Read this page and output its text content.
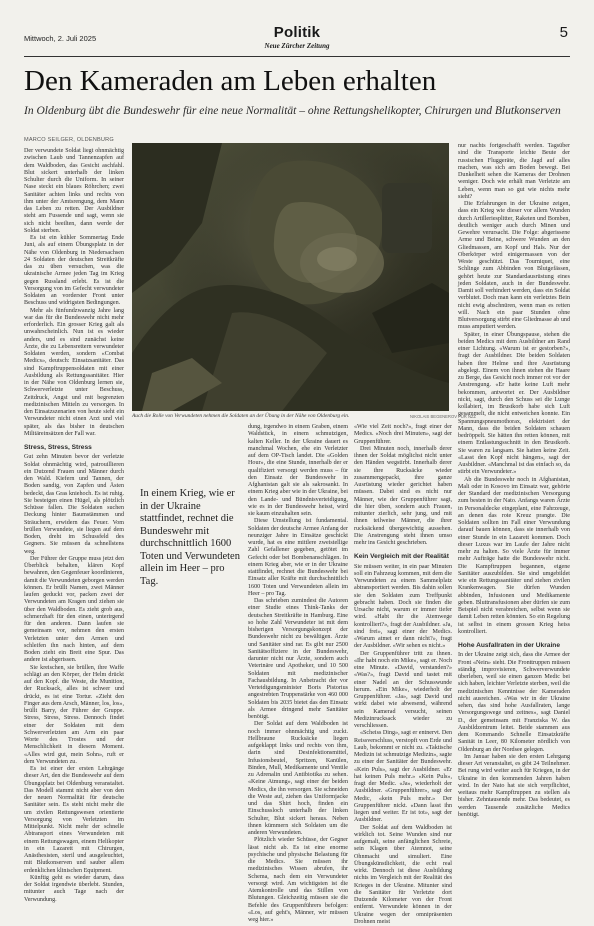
Mittwoch, 2. Juli 2025	Politik
Neue Zürcher Zeitung
5
Den Kameraden am Leben erhalten
In Oldenburg übt die Bundeswehr für eine neue Normalität – ohne Rettungshelikopter, Chirurgen und Blutkonserven
MARCO SEILGER, OLDENBURG

Der verwundete Soldat liegt ohnmächtig zwischen Laub und Tannenzapfen auf dem Waldboden, das Gesicht aschfahl. Blut sickert unterhalb der linken Schulter durch die Uniform. In seiner Nase steckt ein blaues Röhrchen; zwei Sanitäter achten links und rechts von ihm unter der Amtsrengung, dem Mann das Leben zu retten. Der Ausbildner steht am Fussende und sagt, wenn sie sich nicht beeilten, dann werde der Soldat sterben.

Es ist ein kühler Sommertag Ende Juni, als auf einem Übungsplatz in der Nähe von Oldenburg in Niedersachsen 24 Soldaten der deutschen Streitkräfte das zu üben versuchen, was die ukrainische Armee jeden Tag im Krieg gegen Russland erlebt. Es ist die Versorgung von im Gefecht verwundeter Soldaten an vorderster Front unter Beschuss und widrigsten Bedingungen.

Mehr als fünfundzwanzig Jahre lang war das für die Bundeswehr nicht mehr erforderlich. Ein grosser Krieg galt als unwahrscheinlich. Nun ist es wieder anders, und es sind zunächst keine Ärzte, die zu Lebensrettern verwundeter Soldaten werden, sondern «Combat Medics», deutsch: Einsatzsanitäter. Das sind Kampftruppensoldaten mit einer Ausbildung als Rettungssanitäter. Hier in der Nähe von Oldenburg lernen sie, Schwerverletzte unter Beschuss, Zeitdruck, Angst und mit begrenzten medizinischen Mitteln zu versorgen. In den Einsatzszenarien von heute sieht ein Verwundeter nicht einen Arzt und viel später, als das bisher in deutschen Militäreinsätzen der Fall war.

Stress, Stress, Stress

Gut zehn Minuten bevor der verletzte Soldat ohnmächtig wird, patrouillieren ein Dutzend Frauen und Männer durch den Wald. Kiefern und Tannen, der Boden sandig, von Zapfen und Ästen bedeckt, das Gras kniehoch. Es ist ruhig. Sie besteigen einen Hügel, als plötzlich Schüsse fallen. Die Soldaten suchen Deckung hinter Baumstämmen und Sträuchern, erwidern das Feuer. Vom brüllen Verwundete, sie liegen auf dem Boden, dreht im Schussfeld des Gegners. Sie müssen da schnellstens weg.

Der Führer der Gruppe muss jetzt den Überblick behalten, klären Kopf bewahren, den Gegenfeuer koordinieren, damit die Verwundeten geborgen werden können. Er brüllt Namen, zwei Männer laufen geduckt vor, packen zwei der Verwundeten am Kragen und ziehen sie über den Waldboden. Es zieht grob aus, schmerzhaft für den einen, unterirgend für den anderen. Dann laufen sie gemeinsam vor, nehmen den ersten Verletzten unter den Armen und schleifen ihn nach hinten, auf dem Boden zieht ein Breit eine Spur. Das andere ist abgerissen.

Sie kreischen, sie brüllen, ihre Waffe schlägt an den Körper, der Helm drückt auf den Kopf. die Weste, die Munition, der Rucksack, alles ist schwer und drückt, es ist eine Tortur. «Zieht den Finger aus dem Arsch, Männer, los, los», brüllt Barry, der Führer der Gruppe. Stress, Stress, Stress. Dennoch findet einer der Soldaten mit dem Schwerverletzten am Arm ein paar Worte des Trostes und der Menschlichkeit in diesem Moment. «Alles wird gut, mein Sohn», ruft er dem Verwundeten zu.

Es ist einer der ersten Lehrgänge dieser Art, den die Bundeswehr auf dem Übungsplatz bei Oldenburg veranstaltet. Das Modell stammt nicht aber von den der neuen Normalität für deutsche Sanitäter sein. Es steht nicht mehr die um zivilen Rettungswesen orientierte Versorgung von Verletzten im Mittelpunkt. Nicht mehr der schnelle Abtransport eines Verwundeten mit einem Rettungswagen, einem Helikopter in ein Lazarett mit Chirurgen, Anästhesisten, steril und ausgeleuchtet, mit Blutkonserven und sauber allem erdenklichen klinischen Equipment.

Künftig geht es wieder darum, dass der Soldat irgendwie überlebt. Stunden, mitunter auch Tage nach der Verwundung.

Auch die Rolle von Verwundeten nehmen die Soldaten an der Übung in der Nähe von Oldenburg ein.	NIKOLAIS BEGENEROV FUR NZZ
In einem Krieg, wie er in der Ukraine stattfindet, rechnet die Bundeswehr mit durchschnittlich 1600 Toten und Verwundeten allein im Heer – pro Tag.

dung, irgendwo in einem Graben, einem Waldstück, in einem schmutzigen, kalten Keller. In der Ukraine dauert es manchmal Wochen, ehe ein Verletzter auf dem OP-Tisch landet. Die «Golden Hour», die eine Stunde, innerhalb der er qualifiziert versorgt werden muss – für den Einsatz der Bundeswehr in Afghanistan galt sie als sakrosankt. In einem Krieg aber wie in der Ukraine, bei den Lande- und Bündnisverteidigung, wie es in der Bundeswehr heisst, wird sie kaum einzuhalten sein.

Diese Umstellung ist fundamental. Soldaten der deutsche Armee Anfang der neunziger Jahre in Einsätze geschickt wurde, hat es eine mittlere zweistellige Zahl Gefallener gegeben, getötet im Gefecht oder bei Bombenanschlägen. In einem Krieg aber, wie er in der Ukraine stattfindet, rechnet die Bundeswehr bei Einsatz aller Kräfte mit durchschnittlich 1600 Toten und Verwundeten allein im Heer – pro Tag.

Das schrieben zumindest die Autoren einer Studie eines Think-Tanks der deutschen Streitkräfte in Hamburg. Eine so hohe Zahl Verwundeter ist mit dem bisherigen Versorgungskonzept der Bundeswehr nicht zu bewältigen. Ärzte und Sanitäter sind rar. Es gibt nur 2500 Sanitätsoffiziere in der Bundeswehr, darunter nicht nur Ärzte, sondern auch Veterinäre und Apotheker, und 10 500 Soldaten mit medizinischer Fachausbildung. In Anbetracht der vor Verteidigungsminister Boris Pistorius angestrebten Truppenstärke von 460 000 Soldaten bis 2035 bietet das den Einsatz als Armee dringend mehr Sanitäter benötigt.

Der Soldat auf dem Waldboden ist noch immer ohnmächtig und zuckt. Hellbraune Rucksäcke liegen aufgeklappt links und rechts von ihm, darin sind Desinfektionsmittel, Infusionsbeutel, Spritzen, Kanülen, Binden, Mull, Medikamente und Ventile zu Adrenalin und Antibiotika zu sehen. «Keine Atmung», sagt einer der beiden Medics, die ihn versorgen. Sie schneiden die Weste auf, ziehen das Uniformjacke und das Shirt hoch, finden ein Einschussloch unterhalb der linken Schulter, Blut sickert heraus. Neben ihnen kümmern sich Soldaten um die anderen Verwundeten.

Plötzlich wieder Schüsse, der Gegner lässt nicht ab. Es ist eine enorme psychische und physische Belastung für die Medics. Sie müssen ihr medizinisches Wissen abrufen, ihr Schema, nach dem ein Verwundeter versorgt wird. Am wichtigsten ist die Atemkontrolle und das Stillen von Blutungen. Gleichzeitig müssen sie die Befehle des Gruppenführers befolgen: «Los, auf geht's, Männer, wir müssen weg hier.»

«Wie viel Zeit noch?», fragt einer der Medics. «Noch drei Minuten», sagt der Gruppenführer.

Drei Minuten noch, innerhalb derer ihnen der Soldat möglichst nicht unter den Händen wegstirbt. Innerhalb derer sie ihre Rucksäcke wieder zusammengepackt, ihre ganze Ausrüstung wieder gerichtet haben müssen. Dabei sind es nicht nur Männer, wie der Gruppenführer sagt, die hier üben, sondern auch Frauen, mitunter zierlich, sehr jung, und mit ihnen teilweise Männer, die ihrer rucksäckend übergewichtig aussehen. Die Anstrengung steht ihnen umso mehr ins Gesicht geschrieben.

Kein Vergleich mit der Realität

Sie müssen weiter, in ein paar Minuten soll ein Fahrzeug kommen, mit dem die Verwundeten zu einem Sammelplatz abtransportiert werden. Bis dahin sollen sie den Soldaten zum Treffpunkt gebracht haben. Doch sie finden die Ursache nicht, warum er immer tiefer wird. «Habt ihr die Atemwege kontrolliert?», fragt der Ausbildner. «Ja, sind frei», sagt einer der Medics. «Warum atmet er dann nicht?», fragt der Ausbildner. «Wir sehen es nicht.»

Der Gruppenführer tritt zu ihnen. «Ihr habt noch ein Mike», sagt er. Noch eine Minute. «David, verstanden?» «Was?», fragt David und tastet mit einer Nadel an der Schusswunde herum. «Ein Mike», wiederholt der Gruppenführer. «Ja», sagt David und wirkt dabei wie abwesend, während sein Kamerad versucht, seinen Medizinrucksack wieder zu verschliessen.

«Scheiss Ding», sagt er entnervt. Den Reissverschluss, verstopft von Erde und Laub, bekommt er nicht zu. «Taktische Medizin ist schmutzige Medizin», sagte zu einer der Sanitäter der Bundeswehr. «Kein Puls», sagt der Ausbildner. «Er hat keinen Puls mehr.» «Kein Puls», fragt der Medic. «Ja», wiederholt der Ausbildner. «Gruppenführer», sagt der Medic, «kein Puls mehr.» Der Gruppenführer nickt. «Dann lasst ihn liegen und weiter. Er ist tot», sagt der Ausbildner.

Der Soldat auf dem Waldboden ist wirklich tot. Seine Wunden sind nur aufgemalt, seine anfänglichen Schreie, sein Klagen über Atemnot, seine Ohnmacht und simuliert. Eine Übungskünstlichkeit, die echt real wirkt. Dennoch ist diese Ausbildung nichts im Vergleich mit der Realität des Krieges in der Ukraine. Mitunter sind die Sanitäter für Verletzte dort Dutzende Kilometer von der Front entfernt. Verwundete können in der Ukraine wegen der omnipräsenten Drohnen meist

nur nachts fortgeschafft werden. Tagsüber sind die Transporte leichte Beute der russischen Fluggeräte, die Jagd auf alles machen, was sich am Boden bewegt. Bei Dunkelheit sehen die Kameras der Drohnen weniger. Doch wie erhält man Verletzte am Leben, wenn man so gut wie nichts mehr sieht?

Die Erfahrungen in der Ukraine zeigen, dass ein Krieg wie dieser vor allem Wunden durch Artilleriesplitter, Raketen und Bomben, deutlich weniger auch durch Minen und Gewehre verursacht. Die Folge: abgerissene Arme und Beine, schwere Wunden an den Gliedmassen, am Kopf und Hals. Nur der Oberkörper wird einigermassen von der Weste geschützt. Das Tourniquet, eine Schlinge zum Abbinden von Blutgefässen, gehört heute zur Standardausrüstung eines jeden Soldaten, auch in der Bundeswehr. Damit soll verhindert werden, dass ein Soldat verblutet. Doch man kann ein verletztes Bein nicht ewig abschnüren, wenn man es retten will. Nach ein paar Stunden ohne Blutversorgung stirbt eine Gliedmasse ab und muss amputiert werden.

Später, in einer Übungspause, stehen die beiden Medics mit dem Ausbildner am Rand einer Lichtung. «Warum ist er gestorben?», fragt der Ausbildner. Die beiden Soldaten haben ihre Helme und ihre Ausrüstung abgelegt. Einem von ihnen stehen die Haare zu Berge, das Gesicht noch immer rot vor der Anstrengung. «Er hatte keine Luft mehr bekommen, antwortet er. Der Ausbildner nickt, sagt, durch den Schuss sei die Lunge kollabiert, im Brustkorb habe sich Luft gesammelt, die nicht entweichen konnte. Ein Spannungspneumothorax, elektrisiert der Mann, dass die beiden Soldaten schauen bedröppelt. Sie hätten ihn retten können, mit einem Entlastungsschnitt in den Brustkorb. Sie waren zu langsam. Sie hatten keine Zeit. «Lasst den Kopf nicht hängen», sagt der Ausbildner. «Manchmal ist das einfach so, da stirbt ein Verwundeter.»

Ab die Bundeswehr noch in Afghanistan, Mali oder in Kosovo im Einsatz war, gehörte der Standard der medizinischen Versorgung zum besten in der Nato. Anfangs waren Ärzte in Personaldecke eingeplant, eine Fahrzeuge, an denen das rote Kreuz prangte. Die Soldaten sollten im Fall einer Verwundung darauf bauen können, dass sie innerhalb von einer Stunde in ein Lazarett kommen. Doch dieser Luxus war im Laufe der Jahre nicht mehr zu halten. So viele Ärzte für immer mehr Aufträge hatte die Bundeswehr nicht. Die Kampftruppen begannen, eigene Sanitäter auszubilden. Sie sind umgebildet wie ein Rettungssanitäter und ziehen zivilen Krankenwagen. Sie dürfen Wunden abbinden, Infusionen und Medikamente geben. Bluttransfusionen aber dürfen sie zum Beispiel nicht verabreichen, selbst wenn sie damit Leben retten könnten. So ein Regelung ist selbst in einem grossen Krieg heiss kontrolliert.

Hohe Ausfallraten in der Ukraine

In der Ukraine zeigt sich, dass die Armee der Front «Nein» sieht. Die Fronttruppen müssen ständig improvisieren, Schwerverwundete überleben, weil sie einen ganzen Medic bei sich haben, leichter Verletzte sterben, weil die medizinischen Kenntnisse der Kameraden nicht ausreichen. «Was wir in der Ukraine sehen, das sind hohe Ausfallraten, lange Versorgungswege und zeitnes», sagt Daniel D., der gemeinsam mit Franziska W. das Ausbildzentrum leitet. Beide stammen aus dem Kommando Schnelle Einsatzkräfte Sanität in Leer, 80 Kilometer nördlich von Oldenburg an der Nordsee gelegen.

Im Januar haben sie den ersten Lehrgang dieser Art veranstaltet, es gibt 24 Teilnehmer. Bei rung wird weiter auch für Kriegen, in der Ukraine in den kommenden Jahren haben wird. In der Nato hat sie sich verpflichtet, weitaus mehr Kampftruppen zu stellen als bisher. Zehntausende mehr. Das bedeutet, es werden Tausende zusätzliche Medics benötigt.
